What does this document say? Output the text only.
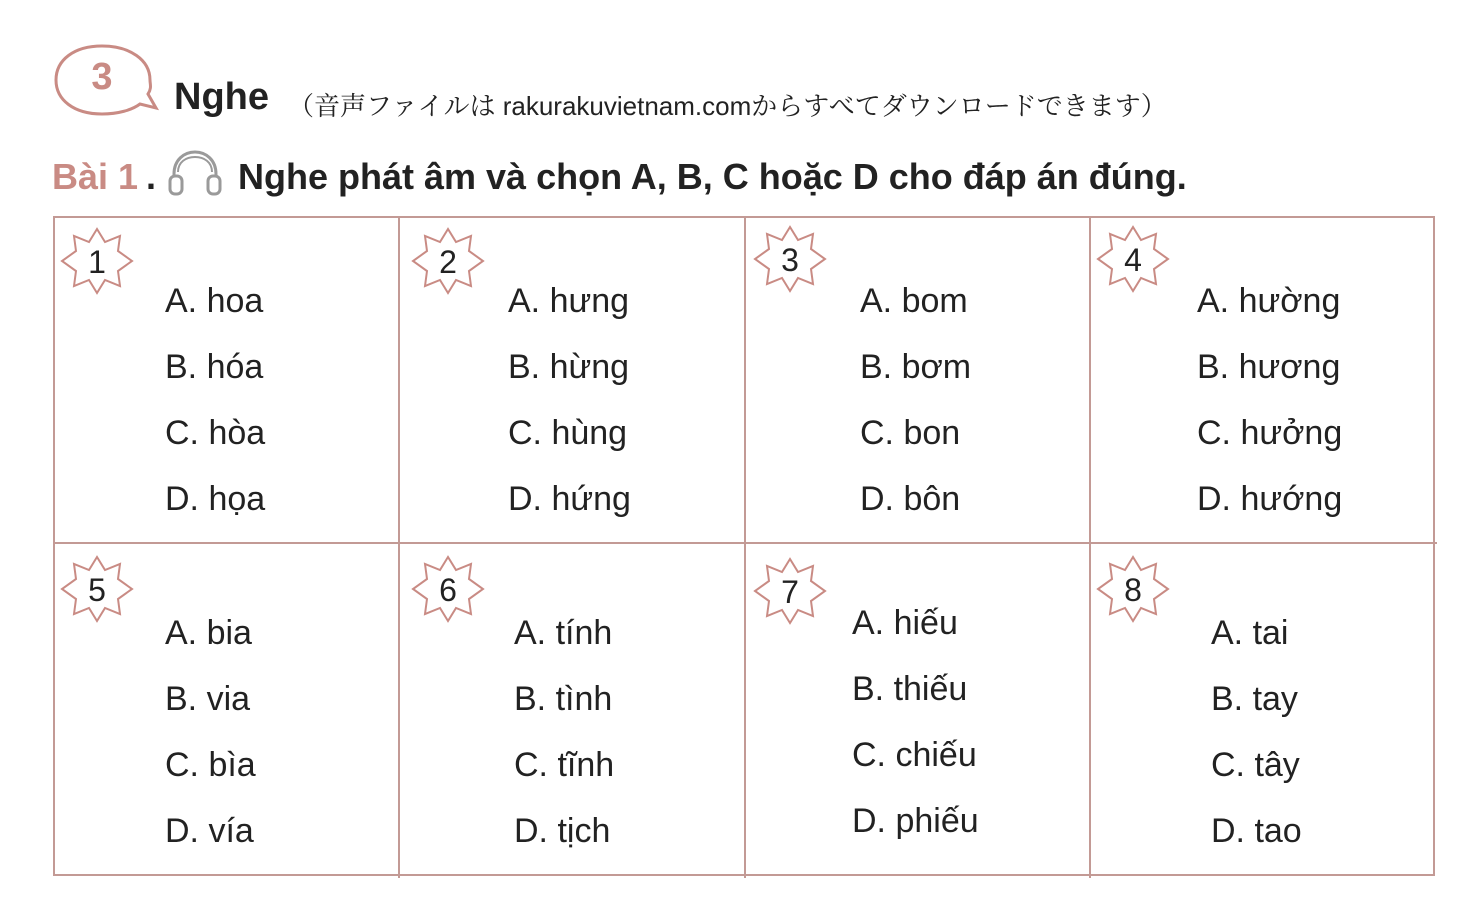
3	Nghe （音声ファイルは rakurakuvietnam.comからすべてダウンロードできます）
Bài 1 . Nghe phát âm và chọn A, B, C hoặc D cho đáp án đúng.
1
A. hoa
B. hóa
C. hòa
D. họa
2
A. hưng
B. hừng
C. hùng
D. hứng
3
A. bom
B. bơm
C. bon
D. bôn
4
A. hường
B. hương
C. hưởng
D. hướng
5
A. bia
B. via
C. bìa
D. vía
6
A. tính
B. tình
C. tĩnh
D. tịch
7
A. hiếu
B. thiếu
C. chiếu
D. phiếu
8
A. tai
B. tay
C. tây
D. tao
